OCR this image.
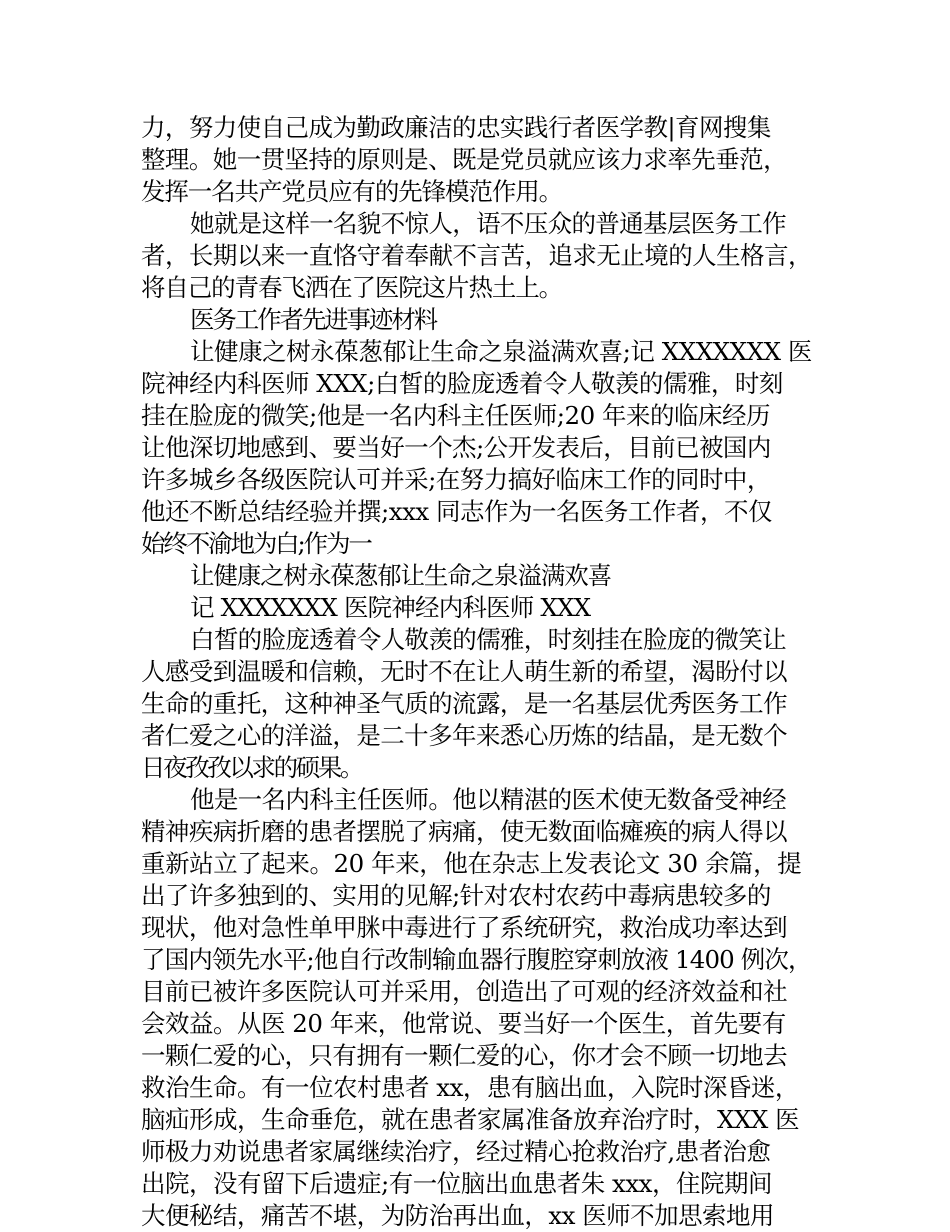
力，努力使自己成为勤政廉洁的忠实践行者医学教|育网搜集
整理。她一贯坚持的原则是、既是党员就应该力求率先垂范，
发挥一名共产党员应有的先锋模范作用。
她就是这样一名貌不惊人，语不压众的普通基层医务工作
者，长期以来一直恪守着奉献不言苦，追求无止境的人生格言，
将自己的青春飞洒在了医院这片热土上。
医务工作者先进事迹材料
让健康之树永葆葱郁让生命之泉溢满欢喜;记 XXXXXXX 医
院神经内科医师 XXX;白皙的脸庞透着令人敬羡的儒雅，时刻
挂在脸庞的微笑;他是一名内科主任医师;20 年来的临床经历
让他深切地感到、要当好一个杰;公开发表后，目前已被国内
许多城乡各级医院认可并采;在努力搞好临床工作的同时中，
他还不断总结经验并撰;xxx 同志作为一名医务工作者，不仅
始终不渝地为白;作为一
让健康之树永葆葱郁让生命之泉溢满欢喜
记 XXXXXXX 医院神经内科医师 XXX
白皙的脸庞透着令人敬羡的儒雅，时刻挂在脸庞的微笑让
人感受到温暖和信赖，无时不在让人萌生新的希望，渴盼付以
生命的重托，这种神圣气质的流露，是一名基层优秀医务工作
者仁爱之心的洋溢，是二十多年来悉心历炼的结晶，是无数个
日夜孜孜以求的硕果。
他是一名内科主任医师。他以精湛的医术使无数备受神经
精神疾病折磨的患者摆脱了病痛，使无数面临瘫痪的病人得以
重新站立了起来。20 年来，他在杂志上发表论文 30 余篇，提
出了许多独到的、实用的见解;针对农村农药中毒病患较多的
现状，他对急性单甲脒中毒进行了系统研究，救治成功率达到
了国内领先水平;他自行改制输血器行腹腔穿刺放液 1400 例次，
目前已被许多医院认可并采用，创造出了可观的经济效益和社
会效益。从医 20 年来，他常说、要当好一个医生，首先要有
一颗仁爱的心，只有拥有一颗仁爱的心，你才会不顾一切地去
救治生命。有一位农村患者 xx，患有脑出血，入院时深昏迷，
脑疝形成，生命垂危，就在患者家属准备放弃治疗时，XXX 医
师极力劝说患者家属继续治疗，经过精心抢救治疗,患者治愈
出院，没有留下后遗症;有一位脑出血患者朱 xxx，住院期间
大便秘结，痛苦不堪，为防治再出血，xx 医师不加思索地用
